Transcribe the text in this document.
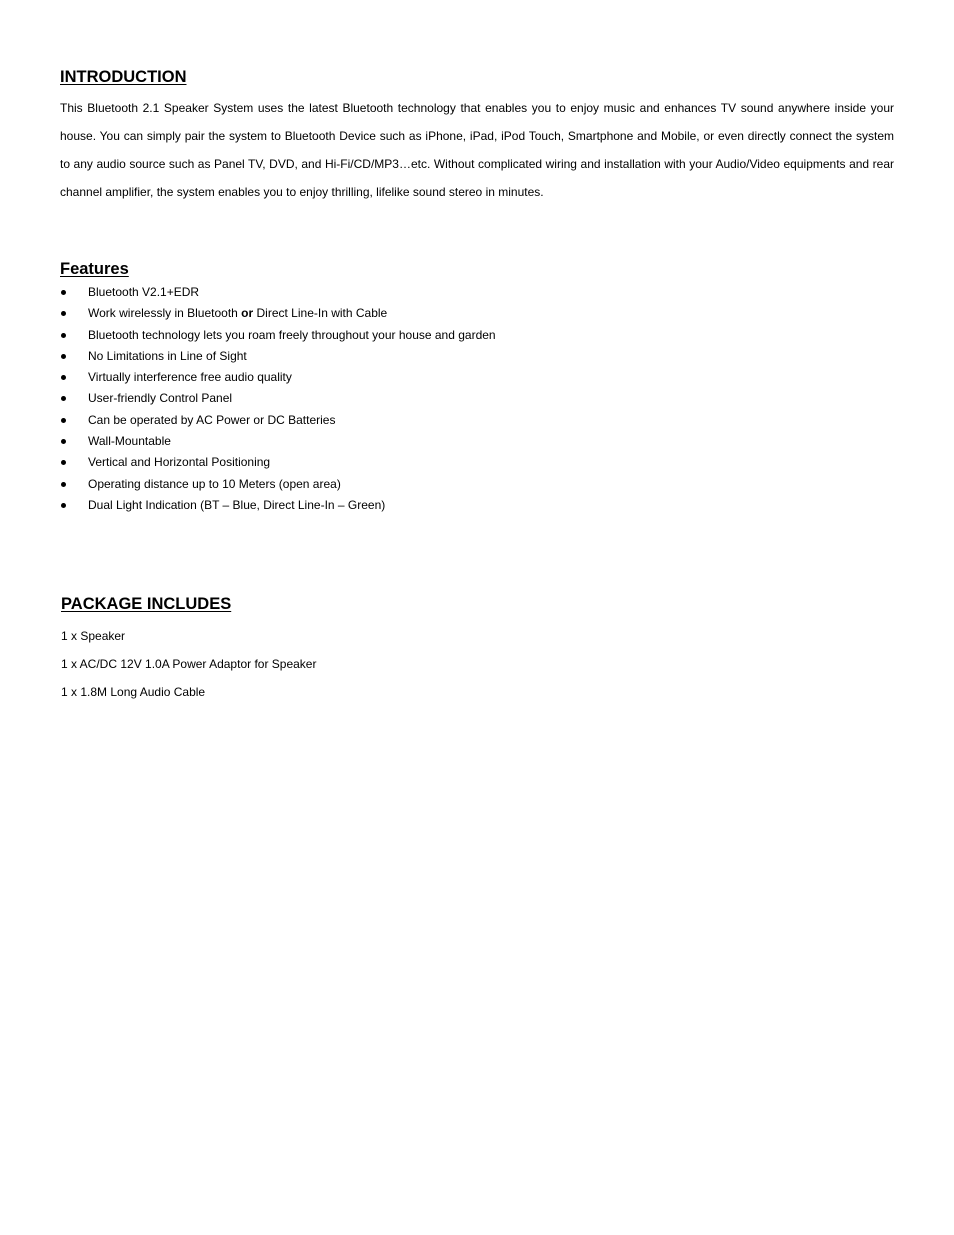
INTRODUCTION

This Bluetooth 2.1 Speaker System uses the latest Bluetooth technology that enables you to enjoy music and enhances TV sound anywhere inside your house. You can simply pair the system to Bluetooth Device such as iPhone, iPad, iPod Touch, Smartphone and Mobile, or even directly connect the system to any audio source such as Panel TV, DVD, and Hi-Fi/CD/MP3…etc. Without complicated wiring and installation with your Audio/Video equipments and rear channel amplifier, the system enables you to enjoy thrilling, lifelike sound stereo in minutes.

Features
Bluetooth V2.1+EDR
Work wirelessly in Bluetooth or Direct Line-In with Cable
Bluetooth technology lets you roam freely throughout your house and garden
No Limitations in Line of Sight
Virtually interference free audio quality
User-friendly Control Panel
Can be operated by AC Power or DC Batteries
Wall-Mountable
Vertical and Horizontal Positioning
Operating distance up to 10 Meters (open area)
Dual Light Indication (BT – Blue, Direct Line-In – Green)
PACKAGE INCLUDES
1 x Speaker
1 x AC/DC 12V 1.0A Power Adaptor for Speaker
1 x 1.8M Long Audio Cable
